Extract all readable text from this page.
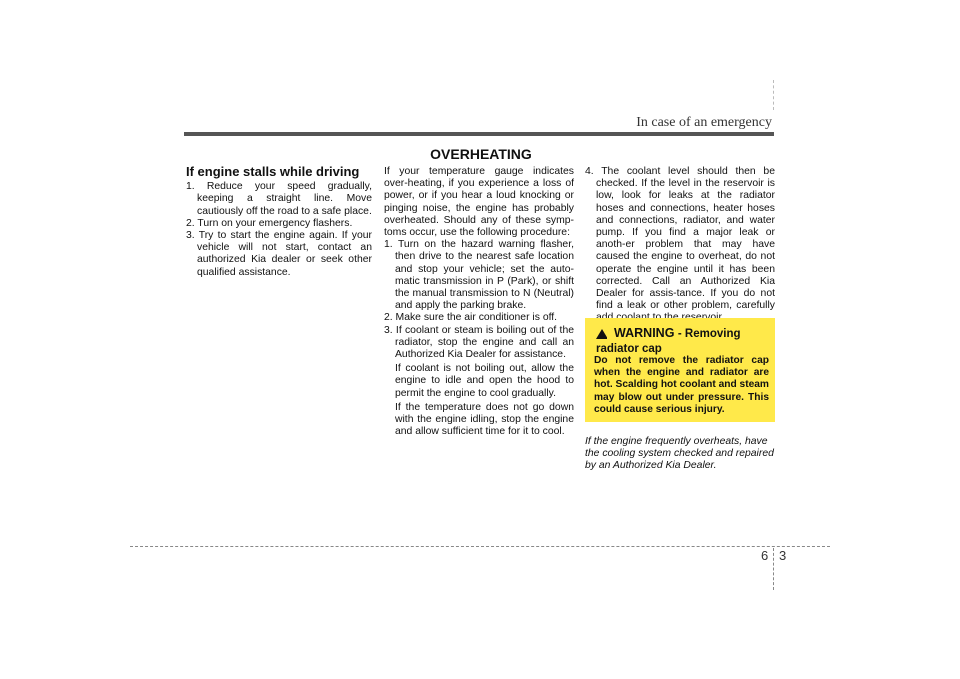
In case of an emergency
OVERHEATING
If engine stalls while driving

1. Reduce your speed gradually, keeping a straight line. Move cautiously off the road to a safe place.

2. Turn on your emergency flashers.

3. Try to start the engine again. If your vehicle will not start, contact an authorized Kia dealer or seek other qualified assistance.

If your temperature gauge indicates over-heating, if you experience a loss of power, or if you hear a loud knocking or pinging noise, the engine has probably overheated. Should any of these symp-toms occur, use the following procedure:

1. Turn on the hazard warning flasher, then drive to the nearest safe location and stop your vehicle; set the auto-matic transmission in P (Park), or shift the manual transmission to N (Neutral) and apply the parking brake.

2. Make sure the air conditioner is off.

3. If coolant or steam is boiling out of the radiator, stop the engine and call an Authorized Kia Dealer for assistance.

If coolant is not boiling out, allow the engine to idle and open the hood to permit the engine to cool gradually.

If the temperature does not go down with the engine idling, stop the engine and allow sufficient time for it to cool.

4. The coolant level should then be checked. If the level in the reservoir is low, look for leaks at the radiator hoses and connections, heater hoses and connections, radiator, and water pump. If you find a major leak or anoth-er problem that may have caused the engine to overheat, do not operate the engine until it has been corrected. Call an Authorized Kia Dealer for assis-tance. If you do not find a leak or other problem, carefully

WARNING - Removing radiator cap
Do not remove the radiator cap when the engine and radiator are hot. Scalding hot coolant and steam may blow out under pressure. This could cause serious injury.
If the engine frequently overheats, have the cooling system checked and repaired by an Authorized Kia Dealer.
6 3
